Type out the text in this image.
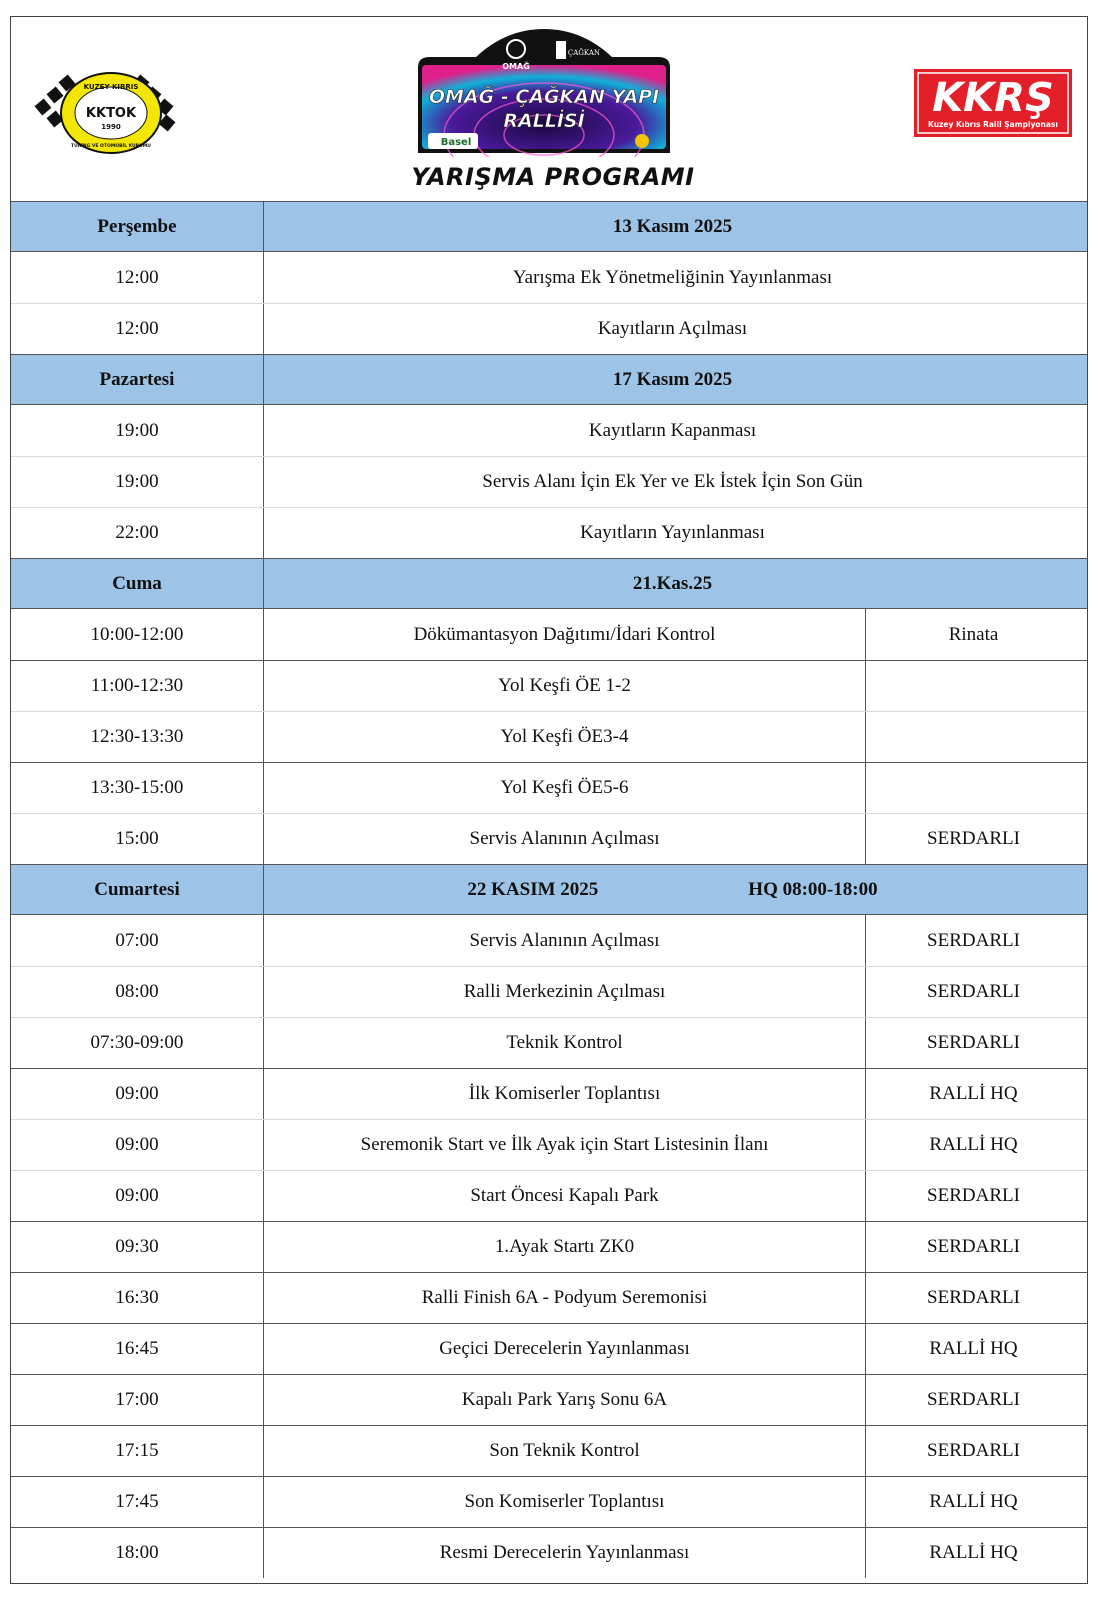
KUZEY KIBRIS
KKTOK
1990
TURİNG VE OTOMOBİL KURUMU
OMAĞ
ÇAĞKAN
OMAĞ - ÇAĞKAN YAPI
RALLİSİ
Basel
KKRŞ
Kuzey Kıbrıs Ralli Şampiyonası
YARIŞMA PROGRAMI
Perşembe	13 Kasım 2025
12:00	Yarışma Ek Yönetmeliğinin Yayınlanması
12:00	Kayıtların Açılması
Pazartesi	17 Kasım 2025
19:00	Kayıtların Kapanması
19:00	Servis Alanı İçin Ek Yer ve Ek İstek İçin Son Gün
22:00	Kayıtların Yayınlanması
Cuma	21.Kas.25
10:00-12:00	Dökümantasyon Dağıtımı/İdari Kontrol	Rinata
11:00-12:30	Yol Keşfi ÖE 1-2
12:30-13:30	Yol Keşfi ÖE3-4
13:30-15:00	Yol Keşfi ÖE5-6
15:00	Servis Alanının Açılması	SERDARLI
Cumartesi	22 KASIM 2025	HQ 08:00-18:00
07:00	Servis Alanının Açılması	SERDARLI
08:00	Ralli Merkezinin Açılması	SERDARLI
07:30-09:00	Teknik Kontrol	SERDARLI
09:00	İlk Komiserler Toplantısı	RALLİ HQ
09:00	Seremonik Start ve İlk Ayak için Start Listesinin İlanı	RALLİ HQ
09:00	Start Öncesi Kapalı Park	SERDARLI
09:30	1.Ayak Startı ZK0	SERDARLI
16:30	Ralli Finish 6A - Podyum Seremonisi	SERDARLI
16:45	Geçici Derecelerin Yayınlanması	RALLİ HQ
17:00	Kapalı Park Yarış Sonu 6A	SERDARLI
17:15	Son Teknik Kontrol	SERDARLI
17:45	Son Komiserler Toplantısı	RALLİ HQ
18:00	Resmi Derecelerin Yayınlanması	RALLİ HQ
